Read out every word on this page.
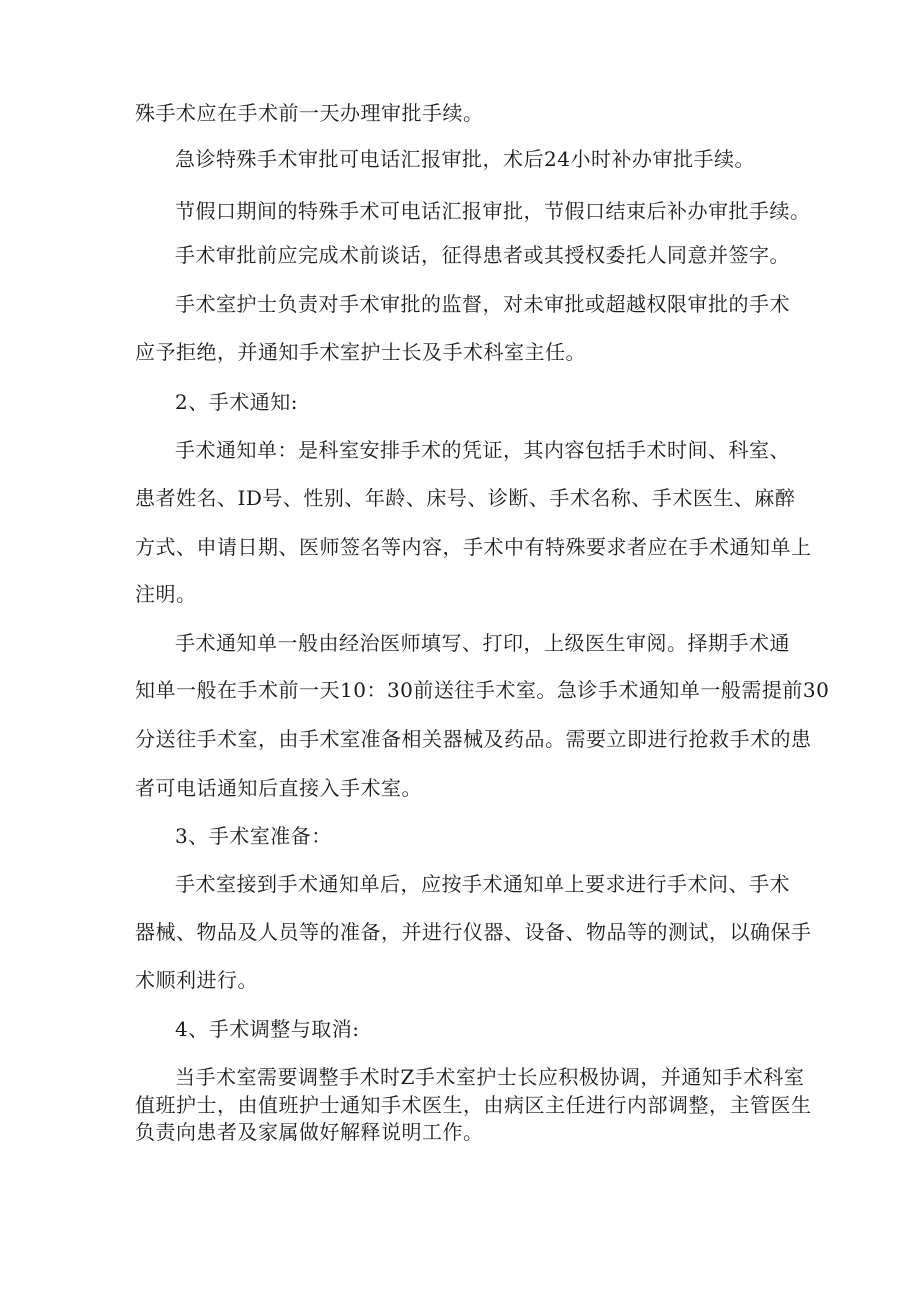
殊手术应在手术前一天办理审批手续。

急诊特殊手术审批可电话汇报审批，术后24小时补办审批手续。

节假口期间的特殊手术可电话汇报审批，节假口结束后补办审批手续。

手术审批前应完成术前谈话，征得患者或其授权委托人同意并签字。

手术室护士负责对手术审批的监督，对未审批或超越权限审批的手术

应予拒绝，并通知手术室护士长及手术科室主任。

2、手术通知:

手术通知单：是科室安排手术的凭证，其内容包括手术时间、科室、

患者姓名、ID号、性别、年龄、床号、诊断、手术名称、手术医生、麻醉

方式、申请日期、医师签名等内容，手术中有特殊要求者应在手术通知单上

注明。

手术通知单一般由经治医师填写、打印，上级医生审阅。择期手术通

知单一般在手术前一天10：30前送往手术室。急诊手术通知单一般需提前30

分送往手术室，由手术室准备相关器械及药品。需要立即进行抢救手术的患

者可电话通知后直接入手术室。

3、手术室准备：

手术室接到手术通知单后，应按手术通知单上要求进行手术问、手术

器械、物品及人员等的准备，并进行仪器、设备、物品等的测试，以确保手

术顺利进行。

4、手术调整与取消:

当手术室需要调整手术时Z手术室护士长应积极协调，并通知手术科室

值班护士，由值班护士通知手术医生，由病区主任进行内部调整，主管医生

负责向患者及家属做好解释说明工作。
